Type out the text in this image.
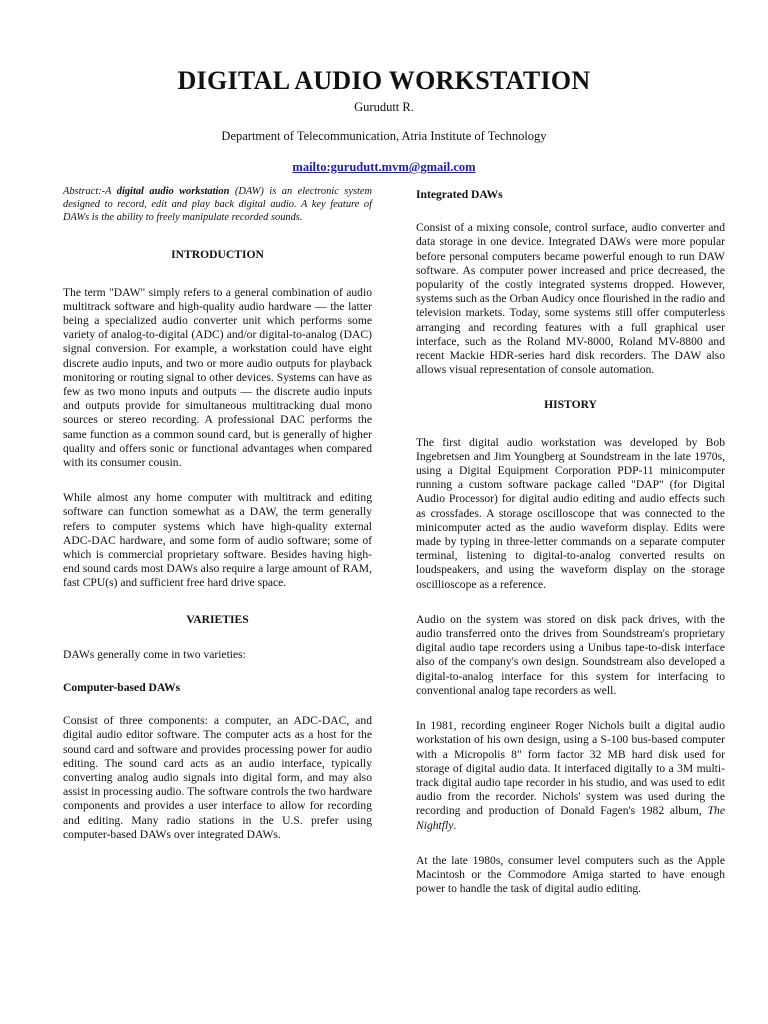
DIGITAL AUDIO WORKSTATION
Gurudutt R.
Department of Telecommunication, Atria Institute of Technology
mailto:gurudutt.mvm@gmail.com

Abstract:-A digital audio workstation (DAW) is an electronic system designed to record, edit and play back digital audio. A key feature of DAWs is the ability to freely manipulate recorded sounds.

INTRODUCTION

The term "DAW" simply refers to a general combination of audio multitrack software and high-quality audio hardware — the latter being a specialized audio converter unit which performs some variety of analog-to-digital (ADC) and/or digital-to-analog (DAC) signal conversion. For example, a workstation could have eight discrete audio inputs, and two or more audio outputs for playback monitoring or routing signal to other devices. Systems can have as few as two mono inputs and outputs — the discrete audio inputs and outputs provide for simultaneous multitracking dual mono sources or stereo recording. A professional DAC performs the same function as a common sound card, but is generally of higher quality and offers sonic or functional advantages when compared with its consumer cousin.

While almost any home computer with multitrack and editing software can function somewhat as a DAW, the term generally refers to computer systems which have high-quality external ADC-DAC hardware, and some form of audio software; some of which is commercial proprietary software. Besides having high-end sound cards most DAWs also require a large amount of RAM, fast CPU(s) and sufficient free hard drive space.

VARIETIES

DAWs generally come in two varieties:

Computer-based DAWs

Consist of three components: a computer, an ADC-DAC, and digital audio editor software. The computer acts as a host for the sound card and software and provides processing power for audio editing. The sound card acts as an audio interface, typically converting analog audio signals into digital form, and may also assist in processing audio. The software controls the two hardware components and provides a user interface to allow for recording and editing. Many radio stations in the U.S. prefer using computer-based DAWs over integrated DAWs.

Integrated DAWs

Consist of a mixing console, control surface, audio converter and data storage in one device. Integrated DAWs were more popular before personal computers became powerful enough to run DAW software. As computer power increased and price decreased, the popularity of the costly integrated systems dropped. However, systems such as the Orban Audicy once flourished in the radio and television markets. Today, some systems still offer computerless arranging and recording features with a full graphical user interface, such as the Roland MV-8000, Roland MV-8800 and recent Mackie HDR-series hard disk recorders. The DAW also allows visual representation of console automation.

HISTORY

The first digital audio workstation was developed by Bob Ingebretsen and Jim Youngberg at Soundstream in the late 1970s, using a Digital Equipment Corporation PDP-11 minicomputer running a custom software package called "DAP" (for Digital Audio Processor) for digital audio editing and audio effects such as crossfades. A storage oscilloscope that was connected to the minicomputer acted as the audio waveform display. Edits were made by typing in three-letter commands on a separate computer terminal, listening to digital-to-analog converted results on loudspeakers, and using the waveform display on the storage oscillioscope as a reference.

Audio on the system was stored on disk pack drives, with the audio transferred onto the drives from Soundstream's proprietary digital audio tape recorders using a Unibus tape-to-disk interface also of the company's own design. Soundstream also developed a digital-to-analog interface for this system for interfacing to conventional analog tape recorders as well.

In 1981, recording engineer Roger Nichols built a digital audio workstation of his own design, using a S-100 bus-based computer with a Micropolis 8" form factor 32 MB hard disk used for storage of digital audio data. It interfaced digitally to a 3M multi-track digital audio tape recorder in his studio, and was used to edit audio from the recorder. Nichols' system was used during the recording and production of Donald Fagen's 1982 album, The Nightfly.

At the late 1980s, consumer level computers such as the Apple Macintosh or the Commodore Amiga started to have enough power to handle the task of digital audio editing.
